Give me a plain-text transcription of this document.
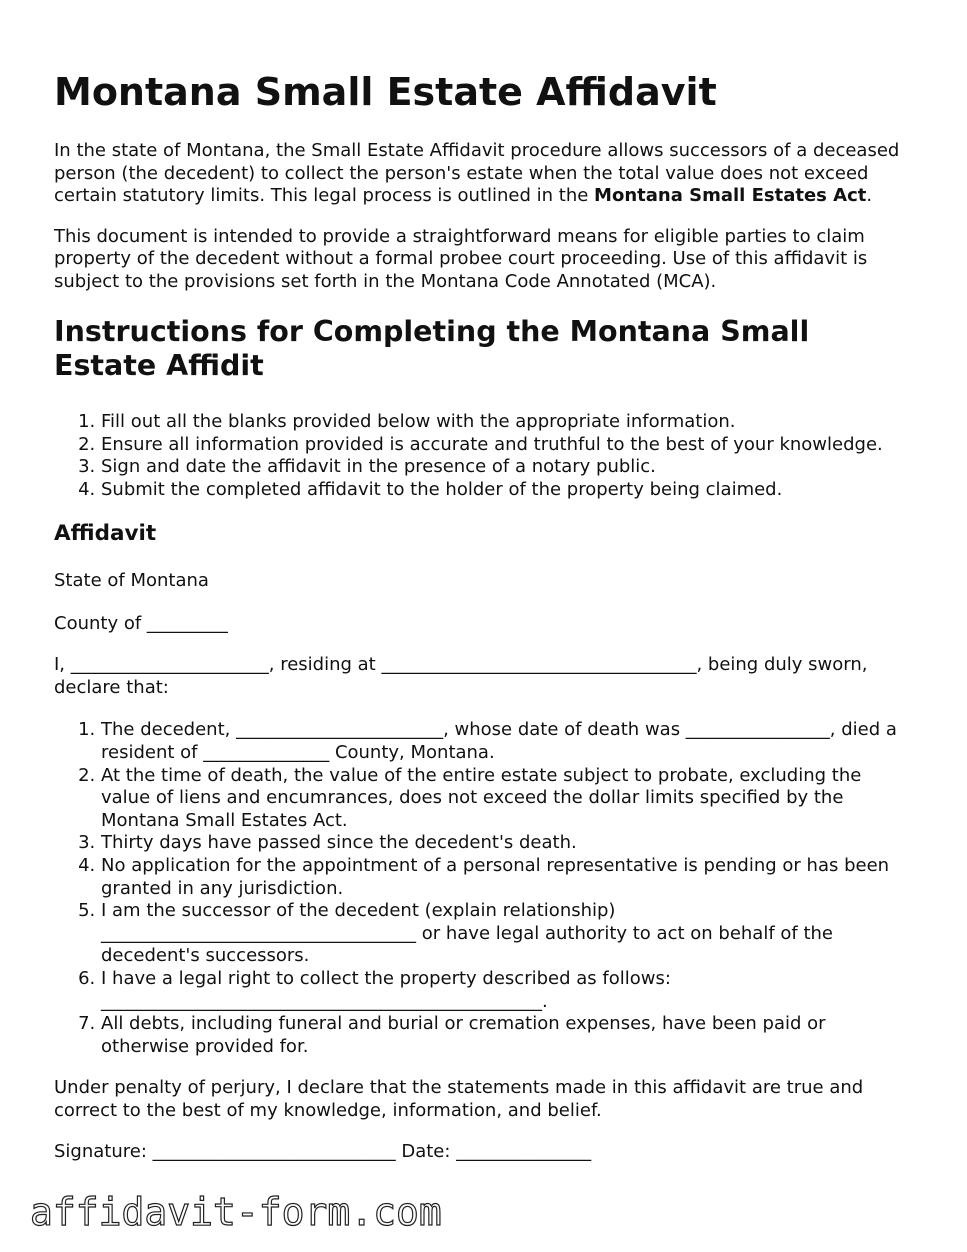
Montana Small Estate Affidavit

In the state of Montana, the Small Estate Affidavit procedure allows successors of a deceased person (the decedent) to collect the person's estate when the total value does not exceed certain statutory limits. This legal process is outlined in the Montana Small Estates Act.

This document is intended to provide a straightforward means for eligible parties to claim property of the decedent without a formal probee court proceeding. Use of this affidavit is subject to the provisions set forth in the Montana Code Annotated (MCA).

Instructions for Completing the Montana Small Estate Affidit
1. Fill out all the blanks provided below with the appropriate information.
2. Ensure all information provided is accurate and truthful to the best of your knowledge.
3. Sign and date the affidavit in the presence of a notary public.
4. Submit the completed affidavit to the holder of the property being claimed.
Affidavit

State of Montana

County of _________

I, ______________________, residing at ___________________________________, being duly sworn, declare that:

1. The decedent, _______________________, whose date of death was ________________, died a resident of ______________ County, Montana.
2. At the time of death, the value of the entire estate subject to probate, excluding the value of liens and encumrances, does not exceed the dollar limits specified by the Montana Small Estates Act.
3. Thirty days have passed since the decedent's death.
4. No application for the appointment of a personal representative is pending or has been granted in any jurisdiction.
5. I am the successor of the decedent (explain relationship) ___________________________________ or have legal authority to act on behalf of the decedent's successors.
6. I have a legal right to collect the property described as follows: _________________________________________________.
7. All debts, including funeral and burial or cremation expenses, have been paid or otherwise provided for.

Under penalty of perjury, I declare that the statements made in this affidavit are true and correct to the best of my knowledge, information, and belief.

Signature: ___________________________ Date: _______________

affidavit-form.com
